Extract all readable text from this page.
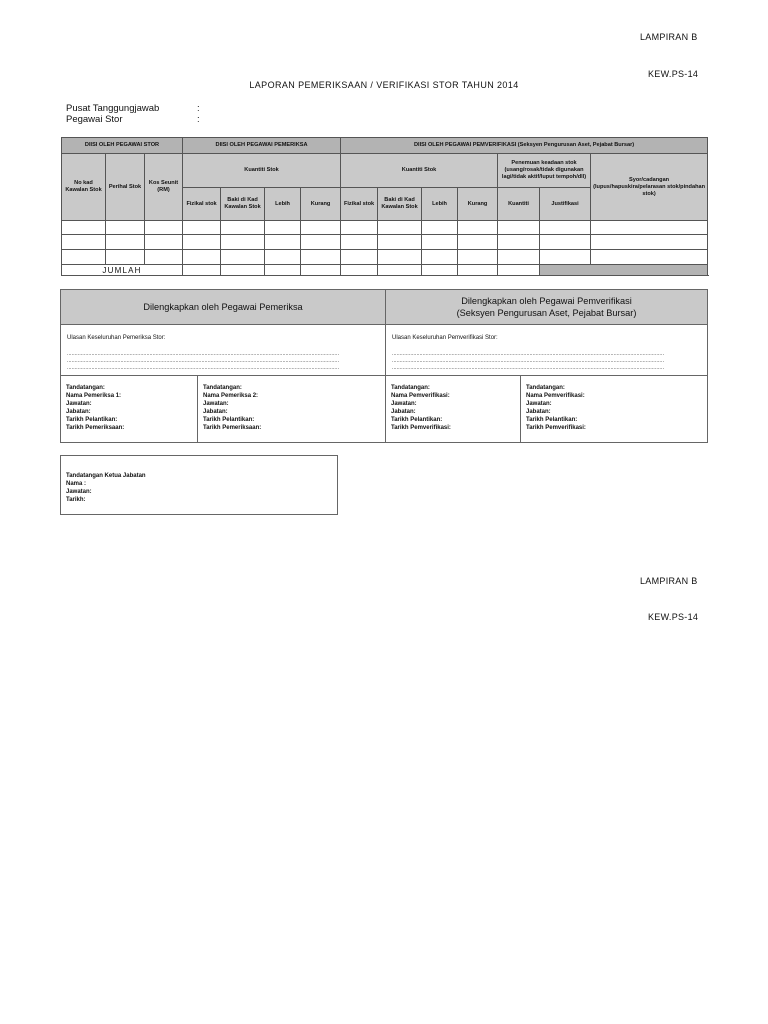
LAMPIRAN B
KEW.PS-14
LAPORAN PEMERIKSAAN / VERIFIKASI STOR TAHUN 2014
Pusat Tanggungjawab	:
Pegawai Stor	:
DIISI OLEH PEGAWAI STOR			DIISI OLEH PEGAWAI PEMERIKSA				DIISI OLEH PEGAWAI PEMVERIFIKASI (Seksyen Pengurusan Aset, Pejabat Bursar)						
No kad Kawalan Stok	Perihal Stok	Kos Seunit (RM)	Kuantiti Stok				Kuantiti Stok				Penemuan keadaan stok (usang/rosak/tidak digunakan lagi/tidak aktif/luput tempoh/dll)		Syor/cadangan (lupus/hapuskira/pelarasan stok/pindahan stok)
			Fizikal stok	Baki di Kad Kawalan Stok	Lebih	Kurang	Fizikal stok	Baki di Kad Kawalan Stok	Lebih	Kurang	Kuantiti	Justifikasi	

JUMLAH													
Dilengkapkan oleh Pegawai Pemeriksa
Dilengkapkan oleh Pegawai Pemverifikasi
(Seksyen Pengurusan Aset, Pejabat Bursar)
Ulasan Keseluruhan Pemeriksa Stor:
..................................................................................................................................................................................
..................................................................................................................................................................................
..................................................................................................................................................................................
Ulasan Keseluruhan Pemverifikasi Stor:
..................................................................................................................................................................................
..................................................................................................................................................................................
..................................................................................................................................................................................
Tandatangan:
Nama Pemeriksa 1:
Jawatan:
Jabatan:
Tarikh Pelantikan:
Tarikh Pemeriksaan:
Tandatangan:
Nama Pemeriksa 2:
Jawatan:
Jabatan:
Tarikh Pelantikan:
Tarikh Pemeriksaan:
Tandatangan:
Nama Pemverifikasi:
Jawatan:
Jabatan:
Tarikh Pelantikan:
Tarikh Pemverifikasi:
Tandatangan:
Nama Pemverifikasi:
Jawatan:
Jabatan:
Tarikh Pelantikan:
Tarikh Pemverifikasi:
Tandatangan Ketua Jabatan
Nama :
Jawatan:
Tarikh:
LAMPIRAN B
KEW.PS-14
